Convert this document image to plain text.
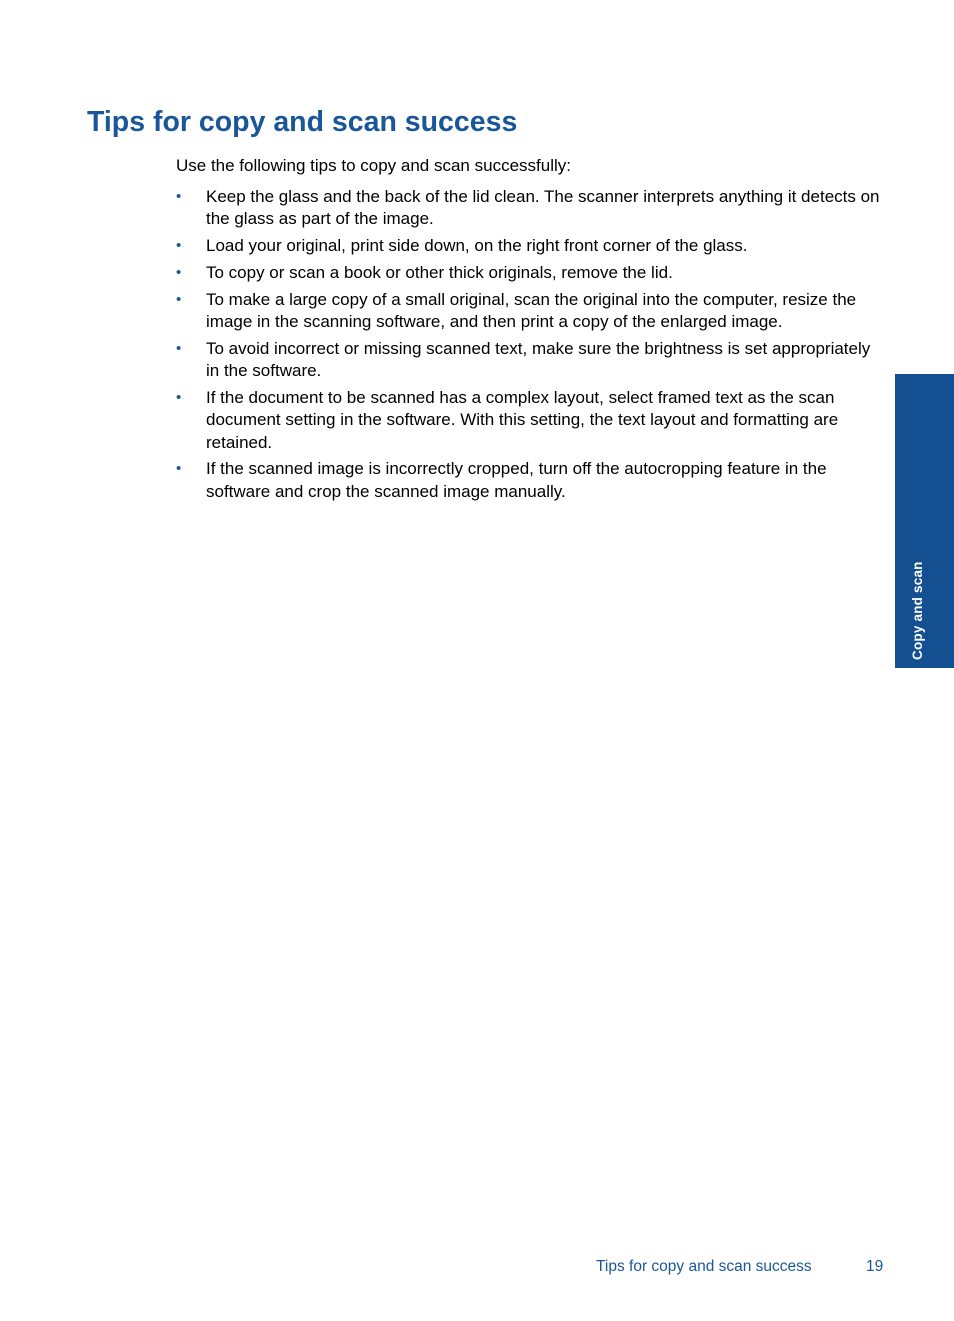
Tips for copy and scan success

Use the following tips to copy and scan successfully:

• Keep the glass and the back of the lid clean. The scanner interprets anything it detects on the glass as part of the image.
• Load your original, print side down, on the right front corner of the glass.
• To copy or scan a book or other thick originals, remove the lid.
• To make a large copy of a small original, scan the original into the computer, resize the image in the scanning software, and then print a copy of the enlarged image.
• To avoid incorrect or missing scanned text, make sure the brightness is set appropriately in the software.
• If the document to be scanned has a complex layout, select framed text as the scan document setting in the software. With this setting, the text layout and formatting are retained.
• If the scanned image is incorrectly cropped, turn off the autocropping feature in the software and crop the scanned image manually.
Copy and scan
Tips for copy and scan success	19
